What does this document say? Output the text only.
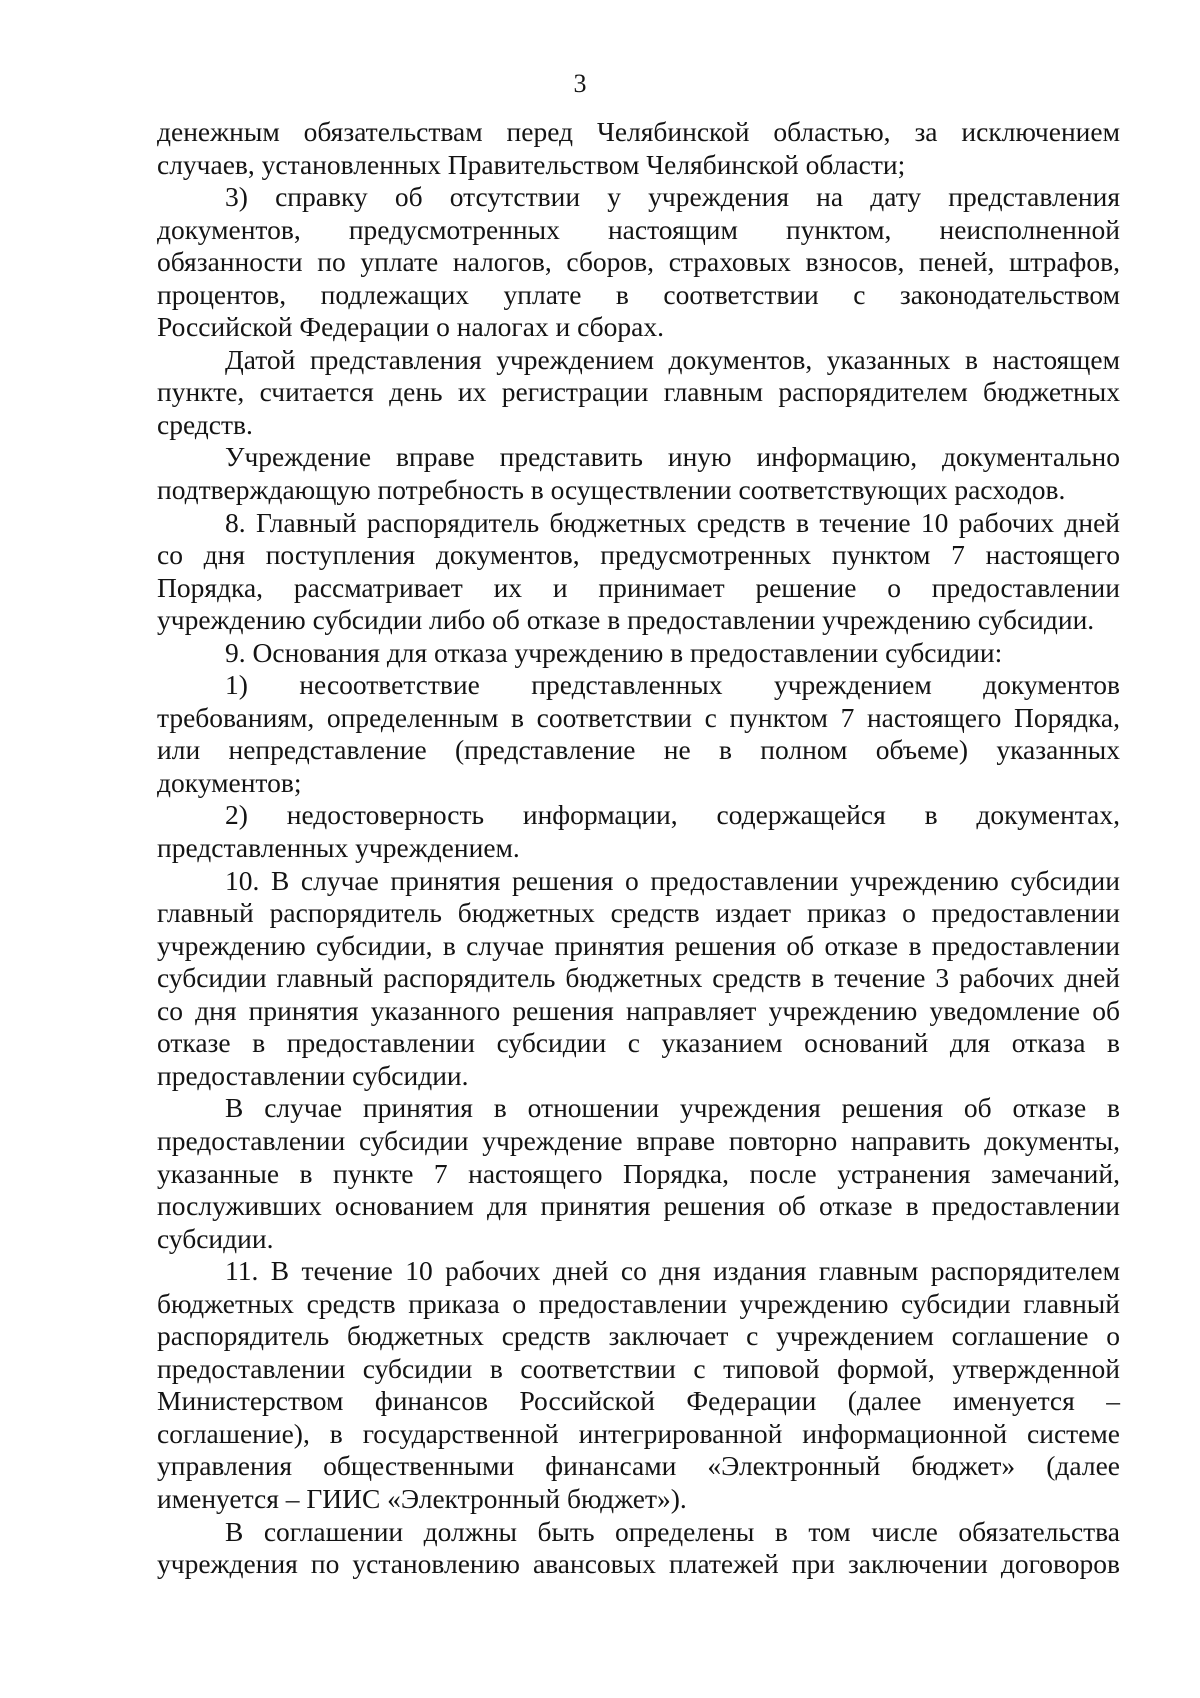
3
денежным обязательствам перед Челябинской областью, за исключением
случаев, установленных Правительством Челябинской области;
3) справку об отсутствии у учреждения на дату представления
документов, предусмотренных настоящим пунктом, неисполненной
обязанности по уплате налогов, сборов, страховых взносов, пеней, штрафов,
процентов, подлежащих уплате в соответствии с законодательством
Российской Федерации о налогах и сборах.
Датой представления учреждением документов, указанных в настоящем
пункте, считается день их регистрации главным распорядителем бюджетных
средств.
Учреждение вправе представить иную информацию, документально
подтверждающую потребность в осуществлении соответствующих расходов.
8. Главный распорядитель бюджетных средств в течение 10 рабочих дней
со дня поступления документов, предусмотренных пунктом 7 настоящего
Порядка, рассматривает их и принимает решение о предоставлении
учреждению субсидии либо об отказе в предоставлении учреждению субсидии.
9. Основания для отказа учреждению в предоставлении субсидии:
1) несоответствие представленных учреждением документов
требованиям, определенным в соответствии с пунктом 7 настоящего Порядка,
или непредставление (представление не в полном объеме) указанных
документов;
2) недостоверность информации, содержащейся в документах,
представленных учреждением.
10. В случае принятия решения о предоставлении учреждению субсидии
главный распорядитель бюджетных средств издает приказ о предоставлении
учреждению субсидии, в случае принятия решения об отказе в предоставлении
субсидии главный распорядитель бюджетных средств в течение 3 рабочих дней
со дня принятия указанного решения направляет учреждению уведомление об
отказе в предоставлении субсидии с указанием оснований для отказа в
предоставлении субсидии.
В случае принятия в отношении учреждения решения об отказе в
предоставлении субсидии учреждение вправе повторно направить документы,
указанные в пункте 7 настоящего Порядка, после устранения замечаний,
послуживших основанием для принятия решения об отказе в предоставлении
субсидии.
11. В течение 10 рабочих дней со дня издания главным распорядителем
бюджетных средств приказа о предоставлении учреждению субсидии главный
распорядитель бюджетных средств заключает с учреждением соглашение о
предоставлении субсидии в соответствии с типовой формой, утвержденной
Министерством финансов Российской Федерации (далее именуется –
соглашение), в государственной интегрированной информационной системе
управления общественными финансами «Электронный бюджет» (далее
именуется – ГИИС «Электронный бюджет»).
В соглашении должны быть определены в том числе обязательства
учреждения по установлению авансовых платежей при заключении договоров
